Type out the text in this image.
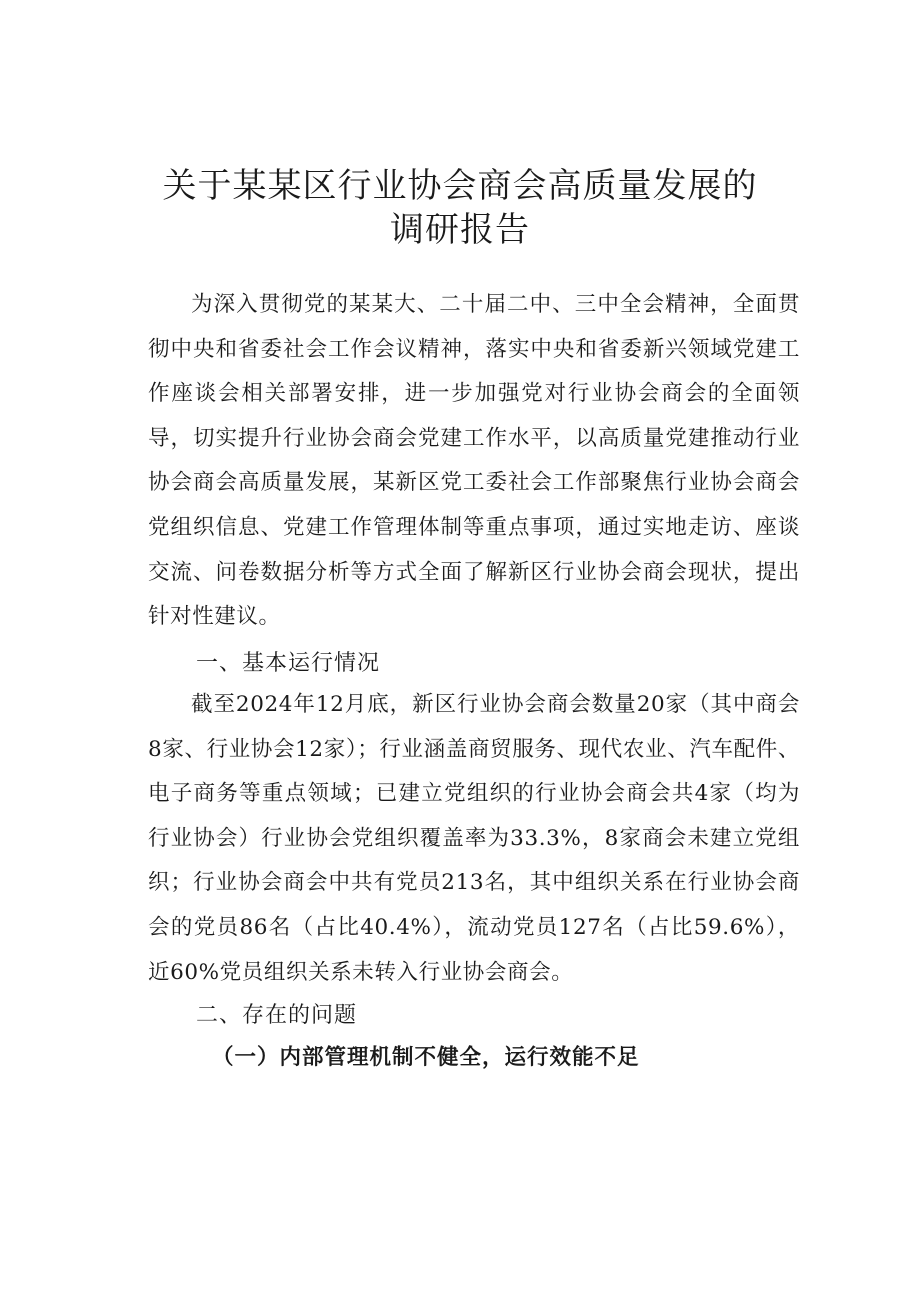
关于某某区行业协会商会高质量发展的
调研报告

为深入贯彻党的某某大、二十届二中、三中全会精神，全面贯彻中央和省委社会工作会议精神，落实中央和省委新兴领域党建工作座谈会相关部署安排，进一步加强党对行业协会商会的全面领导，切实提升行业协会商会党建工作水平，以高质量党建推动行业协会商会高质量发展，某新区党工委社会工作部聚焦行业协会商会党组织信息、党建工作管理体制等重点事项，通过实地走访、座谈交流、问卷数据分析等方式全面了解新区行业协会商会现状，提出针对性建议。

一、基本运行情况

截至2024年12月底，新区行业协会商会数量20家（其中商会8家、行业协会12家）；行业涵盖商贸服务、现代农业、汽车配件、电子商务等重点领域；已建立党组织的行业协会商会共4家（均为行业协会）行业协会党组织覆盖率为33.3%，8家商会未建立党组织；行业协会商会中共有党员213名，其中组织关系在行业协会商会的党员86名（占比40.4%），流动党员127名（占比59.6%），近60%党员组织关系未转入行业协会商会。

二、存在的问题
（一）内部管理机制不健全，运行效能不足
